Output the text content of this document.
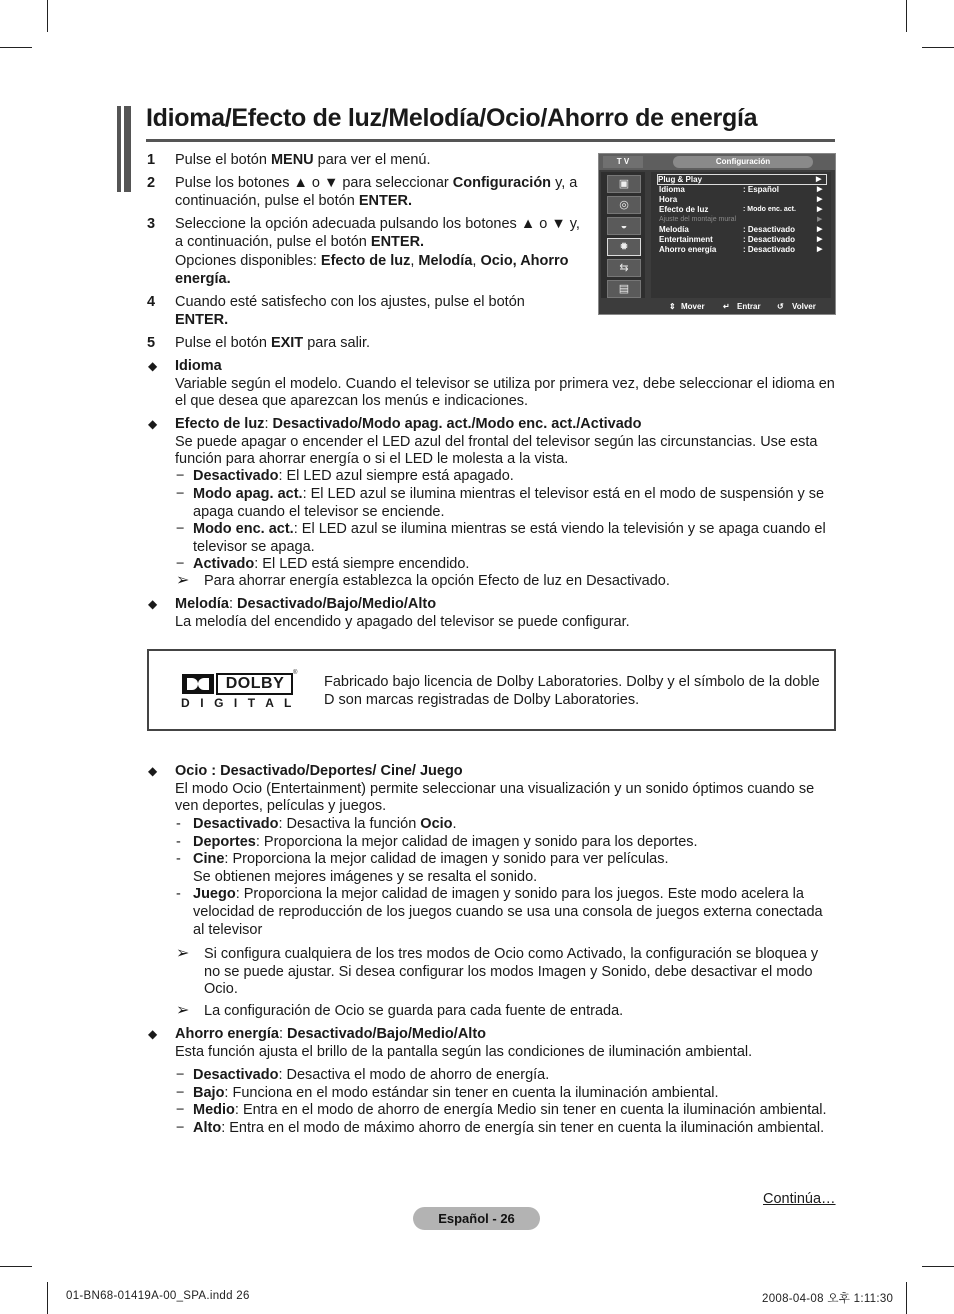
Idioma/Efecto de luz/Melodía/Ocio/Ahorro de energía
1 Pulse el botón MENU para ver el menú.
2 Pulse los botones ▲ o ▼ para seleccionar Configuración y, a continuación, pulse el botón ENTER.
3 Seleccione la opción adecuada pulsando los botones ▲ o ▼ y, a continuación, pulse el botón ENTER.
Opciones disponibles: Efecto de luz, Melodía, Ocio, Ahorro energía.
4 Cuando esté satisfecho con los ajustes, pulse el botón ENTER.
5 Pulse el botón EXIT para salir.
T V	Configuración
▣
◎
◒
✹
⇆
▤
Plug & Play	▶
Idioma	: Español	▶
Hora	▶
Efecto de luz	: Modo enc. act.	▶
Ajuste del montaje mural	▶
Melodía	: Desactivado	▶
Entertainment	: Desactivado	▶
Ahorro energía	: Desactivado	▶
⇕ Mover ↵ Entrar ↺ Volver
◆ Idioma
Variable según el modelo. Cuando el televisor se utiliza por primera vez, debe seleccionar el idioma en el que desea que aparezcan los menús e indicaciones.
◆ Efecto de luz: Desactivado/Modo apag. act./Modo enc. act./Activado
Se puede apagar o encender el LED azul del frontal del televisor según las circunstancias. Use esta función para ahorrar energía o si el LED le molesta a la vista.
− Desactivado: El LED azul siempre está apagado.
− Modo apag. act.: El LED azul se ilumina mientras el televisor está en el modo de suspensión y se apaga cuando el televisor se enciende.
− Modo enc. act.: El LED azul se ilumina mientras se está viendo la televisión y se apaga cuando el televisor se apaga.
− Activado: El LED está siempre encendido.
➢ Para ahorrar energía establezca la opción Efecto de luz en Desactivado.
◆ Melodía: Desactivado/Bajo/Medio/Alto
La melodía del encendido y apagado del televisor se puede configurar.
DOLBY
®
D I G I T A L
Fabricado bajo licencia de Dolby Laboratories. Dolby y el símbolo de la doble D son marcas registradas de Dolby Laboratories.
◆ Ocio : Desactivado/Deportes/ Cine/ Juego
El modo Ocio (Entertainment) permite seleccionar una visualización y un sonido óptimos cuando se ven deportes, películas y juegos.
- Desactivado: Desactiva la función Ocio.
- Deportes: Proporciona la mejor calidad de imagen y sonido para los deportes.
- Cine: Proporciona la mejor calidad de imagen y sonido para ver películas.
Se obtienen mejores imágenes y se resalta el sonido.
- Juego: Proporciona la mejor calidad de imagen y sonido para los juegos. Este modo acelera la velocidad de reproducción de los juegos cuando se usa una consola de juegos externa conectada
al televisor
➢ Si configura cualquiera de los tres modos de Ocio como Activado, la configuración se bloquea y no se puede ajustar. Si desea configurar los modos Imagen y Sonido, debe desactivar el modo Ocio.
➢ La configuración de Ocio se guarda para cada fuente de entrada.
◆ Ahorro energía: Desactivado/Bajo/Medio/Alto
Esta función ajusta el brillo de la pantalla según las condiciones de iluminación ambiental.
− Desactivado: Desactiva el modo de ahorro de energía.
− Bajo: Funciona en el modo estándar sin tener en cuenta la iluminación ambiental.
− Medio: Entra en el modo de ahorro de energía Medio sin tener en cuenta la iluminación ambiental.
− Alto: Entra en el modo de máximo ahorro de energía sin tener en cuenta la iluminación ambiental.
Continúa…
Español - 26
01-BN68-01419A-00_SPA.indd 26	2008-04-08 오후 1:11:30
